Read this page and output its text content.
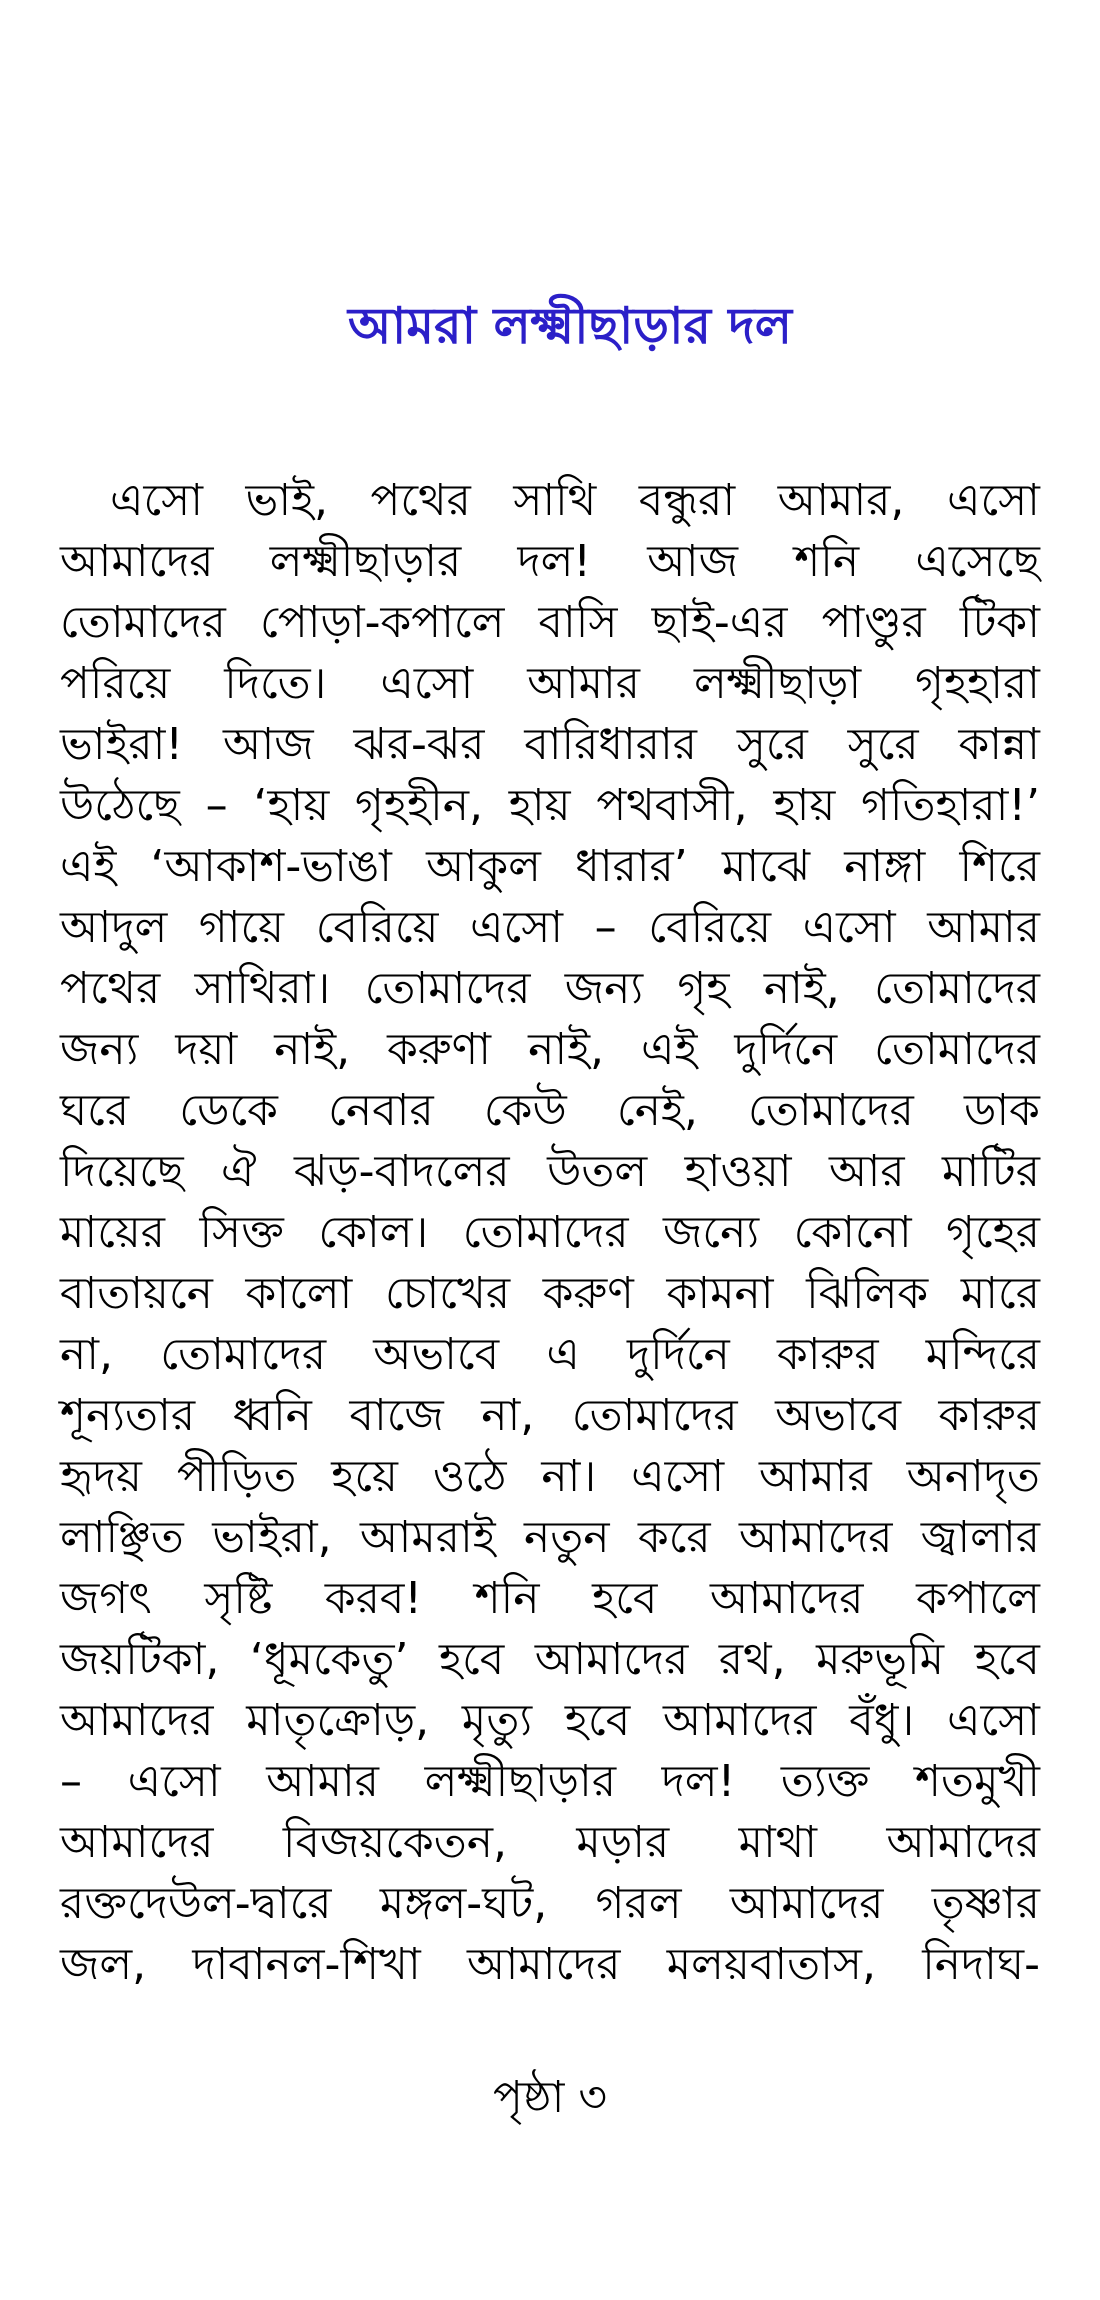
আমরা লক্ষ্মীছাড়ার দল
এসো ভাই, পথের সাথি বন্ধুরা আমার, এসো
আমাদের লক্ষ্মীছাড়ার দল! আজ শনি এসেছে
তোমাদের পোড়া-কপালে বাসি ছাই-এর পাণ্ডুর টিকা
পরিয়ে দিতে। এসো আমার লক্ষ্মীছাড়া গৃহহারা
ভাইরা! আজ ঝর-ঝর বারিধারার সুরে সুরে কান্না
উঠেছে – ‘হায় গৃহহীন, হায় পথবাসী, হায় গতিহারা!’
এই ‘আকাশ-ভাঙা আকুল ধারার’ মাঝে নাঙ্গা শিরে
আদুল গায়ে বেরিয়ে এসো – বেরিয়ে এসো আমার
পথের সাথিরা। তোমাদের জন্য গৃহ নাই, তোমাদের
জন্য দয়া নাই, করুণা নাই, এই দুর্দিনে তোমাদের
ঘরে ডেকে নেবার কেউ নেই, তোমাদের ডাক
দিয়েছে ঐ ঝড়-বাদলের উতল হাওয়া আর মাটির
মায়ের সিক্ত কোল। তোমাদের জন্যে কোনো গৃহের
বাতায়নে কালো চোখের করুণ কামনা ঝিলিক মারে
না, তোমাদের অভাবে এ দুর্দিনে কারুর মন্দিরে
শূন্যতার ধ্বনি বাজে না, তোমাদের অভাবে কারুর
হৃদয় পীড়িত হয়ে ওঠে না। এসো আমার অনাদৃত
লাঞ্ছিত ভাইরা, আমরাই নতুন করে আমাদের জ্বালার
জগৎ সৃষ্টি করব! শনি হবে আমাদের কপালে
জয়টিকা, ‘ধূমকেতু’ হবে আমাদের রথ, মরুভূমি হবে
আমাদের মাতৃক্রোড়, মৃত্যু হবে আমাদের বঁধু। এসো
– এসো আমার লক্ষ্মীছাড়ার দল! ত্যক্ত শতমুখী
আমাদের বিজয়কেতন, মড়ার মাথা আমাদের
রক্তদেউল-দ্বারে মঙ্গল-ঘট, গরল আমাদের তৃষ্ণার
জল, দাবানল-শিখা আমাদের মলয়বাতাস, নিদাঘ-
পৃষ্ঠা ৩
